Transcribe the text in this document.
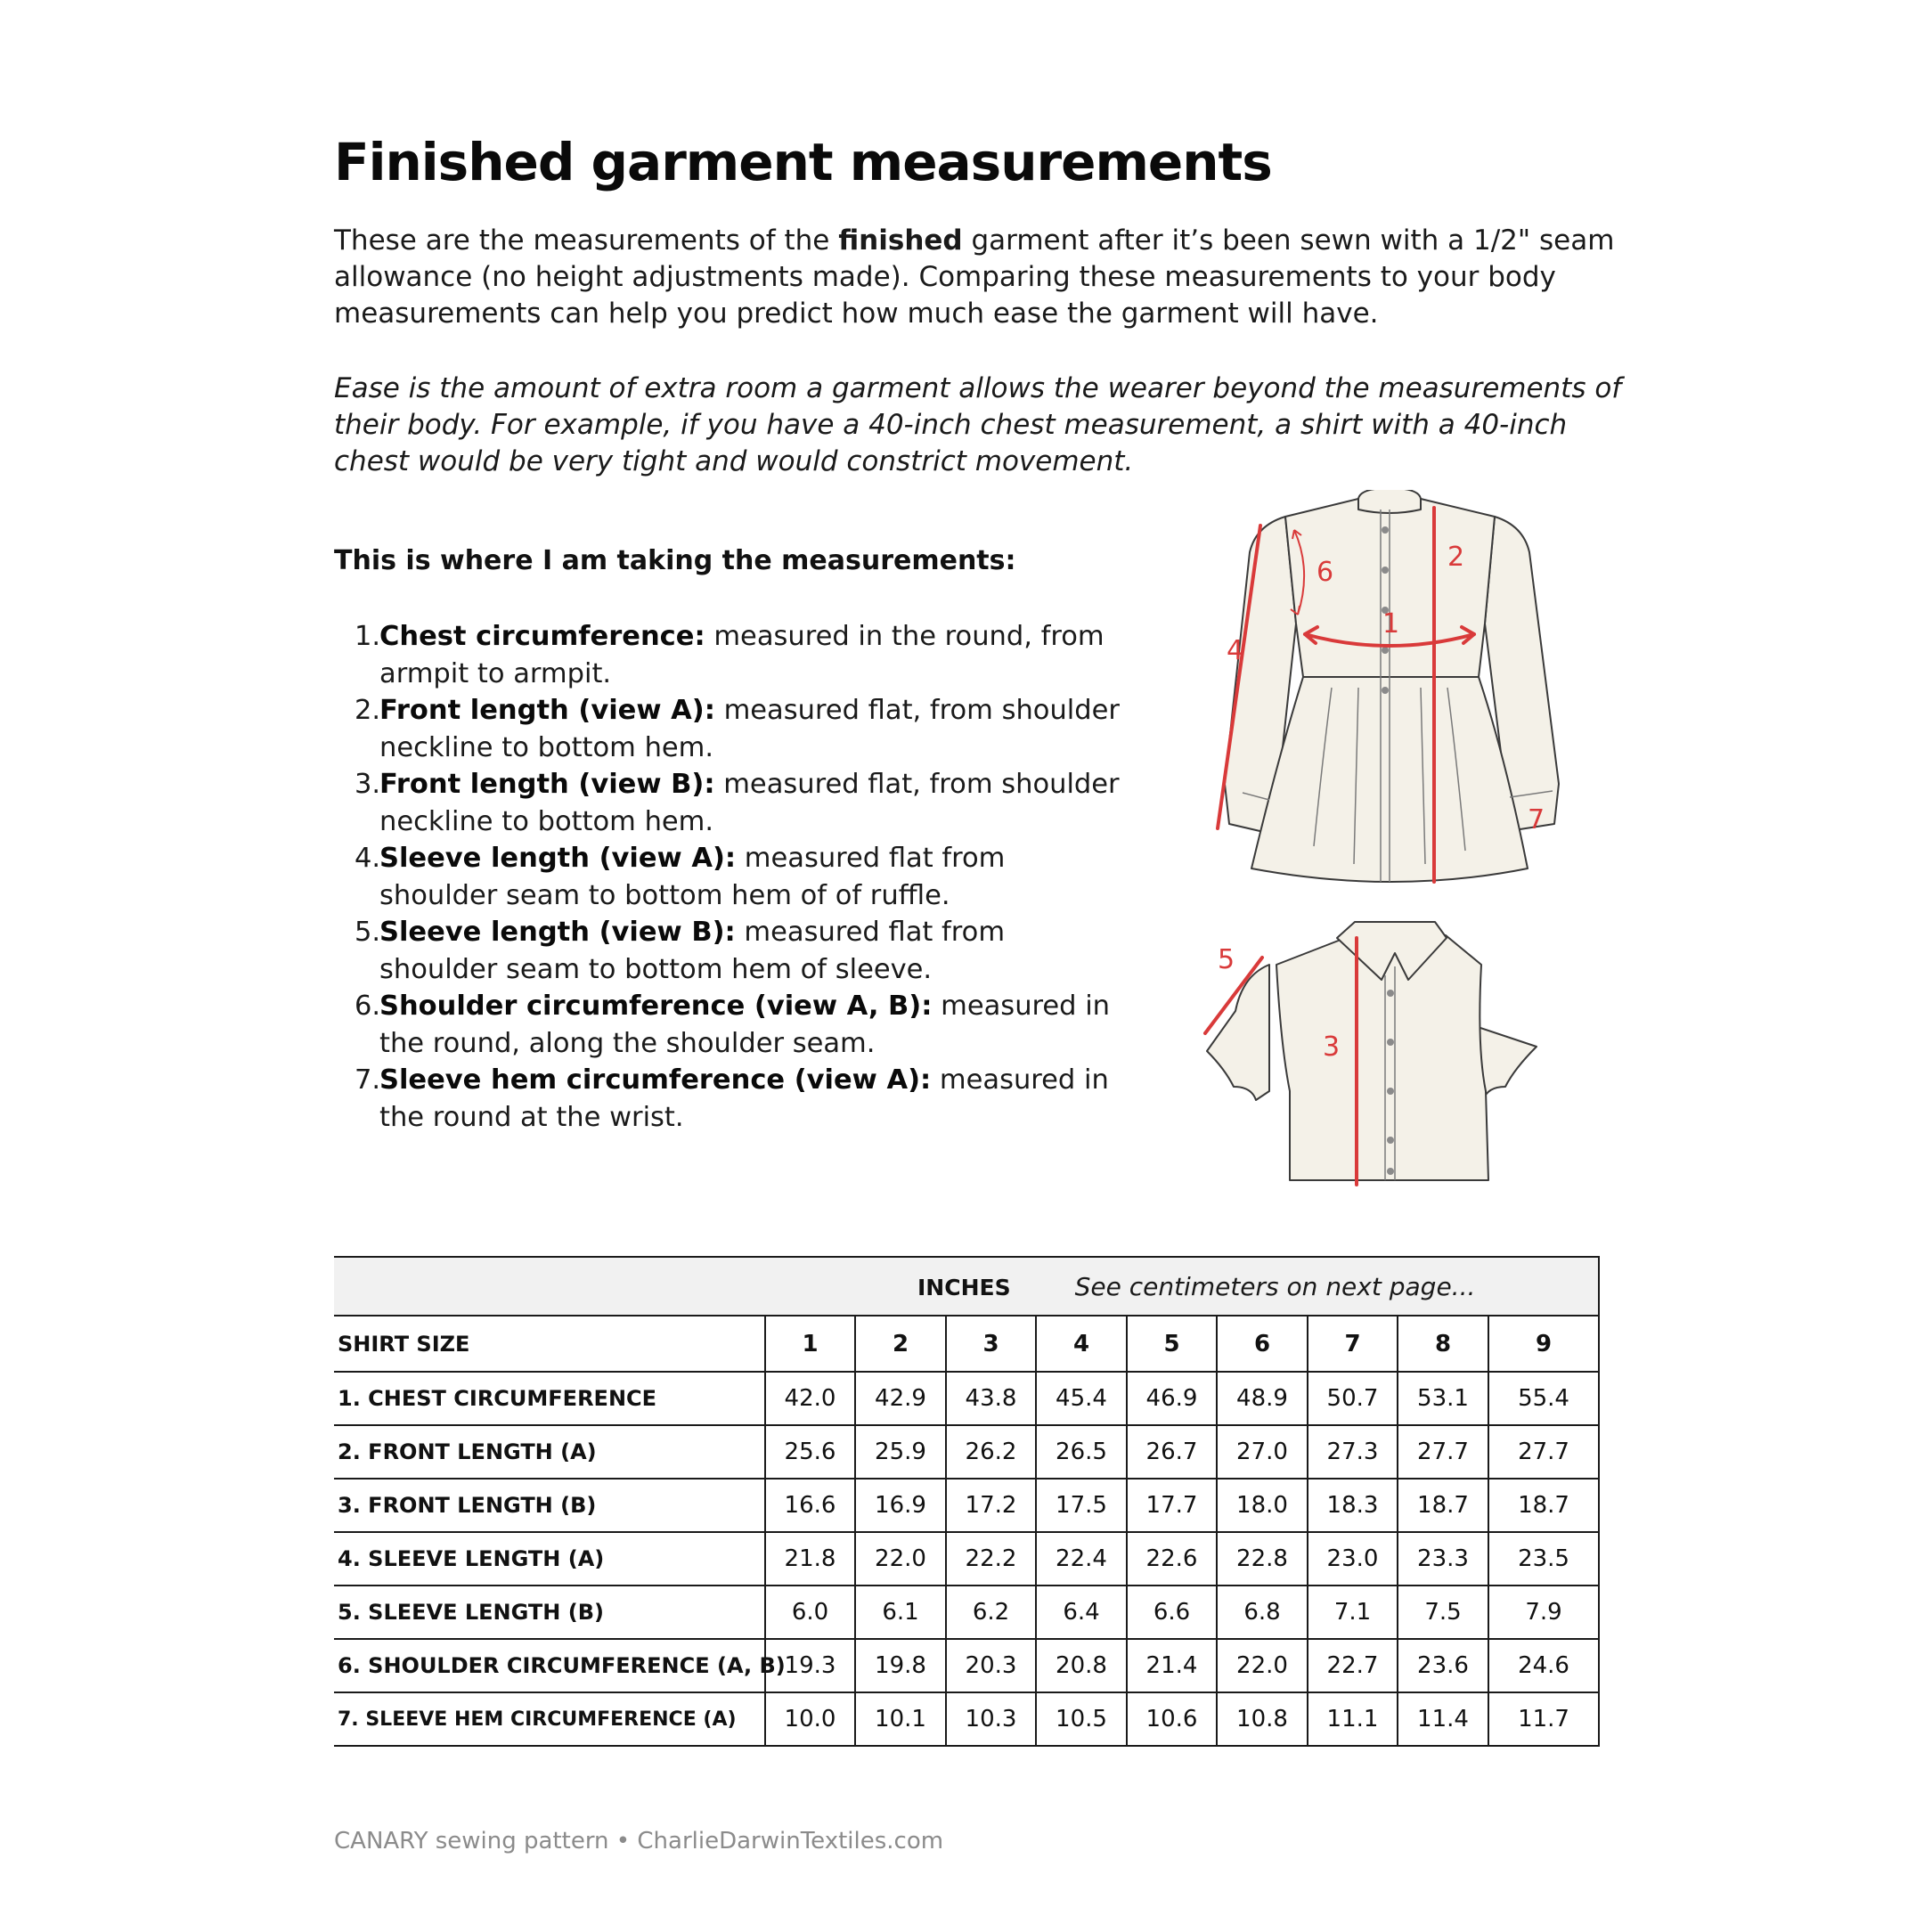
Finished garment measurements

These are the measurements of the finished garment after it’s been sewn with a 1/2" seam allowance (no height adjustments made). Comparing these measurements to your body measurements can help you predict how much ease the garment will have.

Ease is the amount of extra room a garment allows the wearer beyond the measurements of their body. For example, if you have a 40-inch chest measurement, a shirt with a 40-inch chest would be very tight and would constrict movement.

This is where I am taking the measurements:
1.
Chest circumference: measured in the round, from armpit to armpit.
2.
Front length (view A): measured flat, from shoulder neckline to bottom hem.
3.
Front length (view B): measured flat, from shoulder neckline to bottom hem.
4.
Sleeve length (view A): measured flat from shoulder seam to bottom hem of of ruffle.
5.
Sleeve length (view B): measured flat from shoulder seam to bottom hem of sleeve.
6.
Shoulder circumference (view A, B): measured in the round, along the shoulder seam.
7.
Sleeve hem circumference (view A): measured in the round at the wrist.
6	2
1
4
7
5
3
INCHES See centimeters on next page...									
SHIRT SIZE	1	2	3	4	5	6	7	8	9
1. CHEST CIRCUMFERENCE	42.0	42.9	43.8	45.4	46.9	48.9	50.7	53.1	55.4
2. FRONT LENGTH (A)	25.6	25.9	26.2	26.5	26.7	27.0	27.3	27.7	27.7
3. FRONT LENGTH (B)	16.6	16.9	17.2	17.5	17.7	18.0	18.3	18.7	18.7
4. SLEEVE LENGTH (A)	21.8	22.0	22.2	22.4	22.6	22.8	23.0	23.3	23.5
5. SLEEVE LENGTH (B)	6.0	6.1	6.2	6.4	6.6	6.8	7.1	7.5	7.9
6. SHOULDER CIRCUMFERENCE (A, B)	19.3	19.8	20.3	20.8	21.4	22.0	22.7	23.6	24.6
7. SLEEVE HEM CIRCUMFERENCE (A)	10.0	10.1	10.3	10.5	10.6	10.8	11.1	11.4	11.7

CANARY sewing pattern • CharlieDarwinTextiles.com
